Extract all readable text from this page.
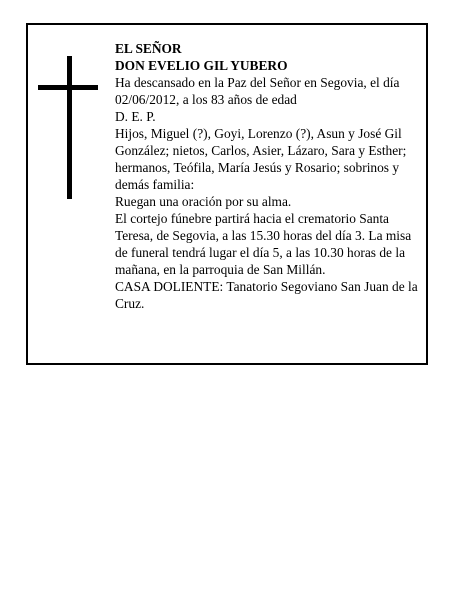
EL SEÑOR

DON EVELIO GIL YUBERO

Ha descansado en la Paz del Señor en Segovia, el día 02/06/2012, a los 83 años de edad

D. E. P.

Hijos, Miguel (?), Goyi, Lorenzo (?), Asun y José Gil González; nietos, Carlos, Asier, Lázaro, Sara y Esther; hermanos, Teófila, María Jesús y Rosario; sobrinos y demás familia:

Ruegan una oración por su alma.

El cortejo fúnebre partirá hacia el crematorio Santa Teresa, de Segovia, a las 15.30 horas del día 3. La misa de funeral tendrá lugar el día 5, a las 10.30 horas de la mañana, en la parroquia de San Millán.

CASA DOLIENTE: Tanatorio Segoviano San Juan de la Cruz.
